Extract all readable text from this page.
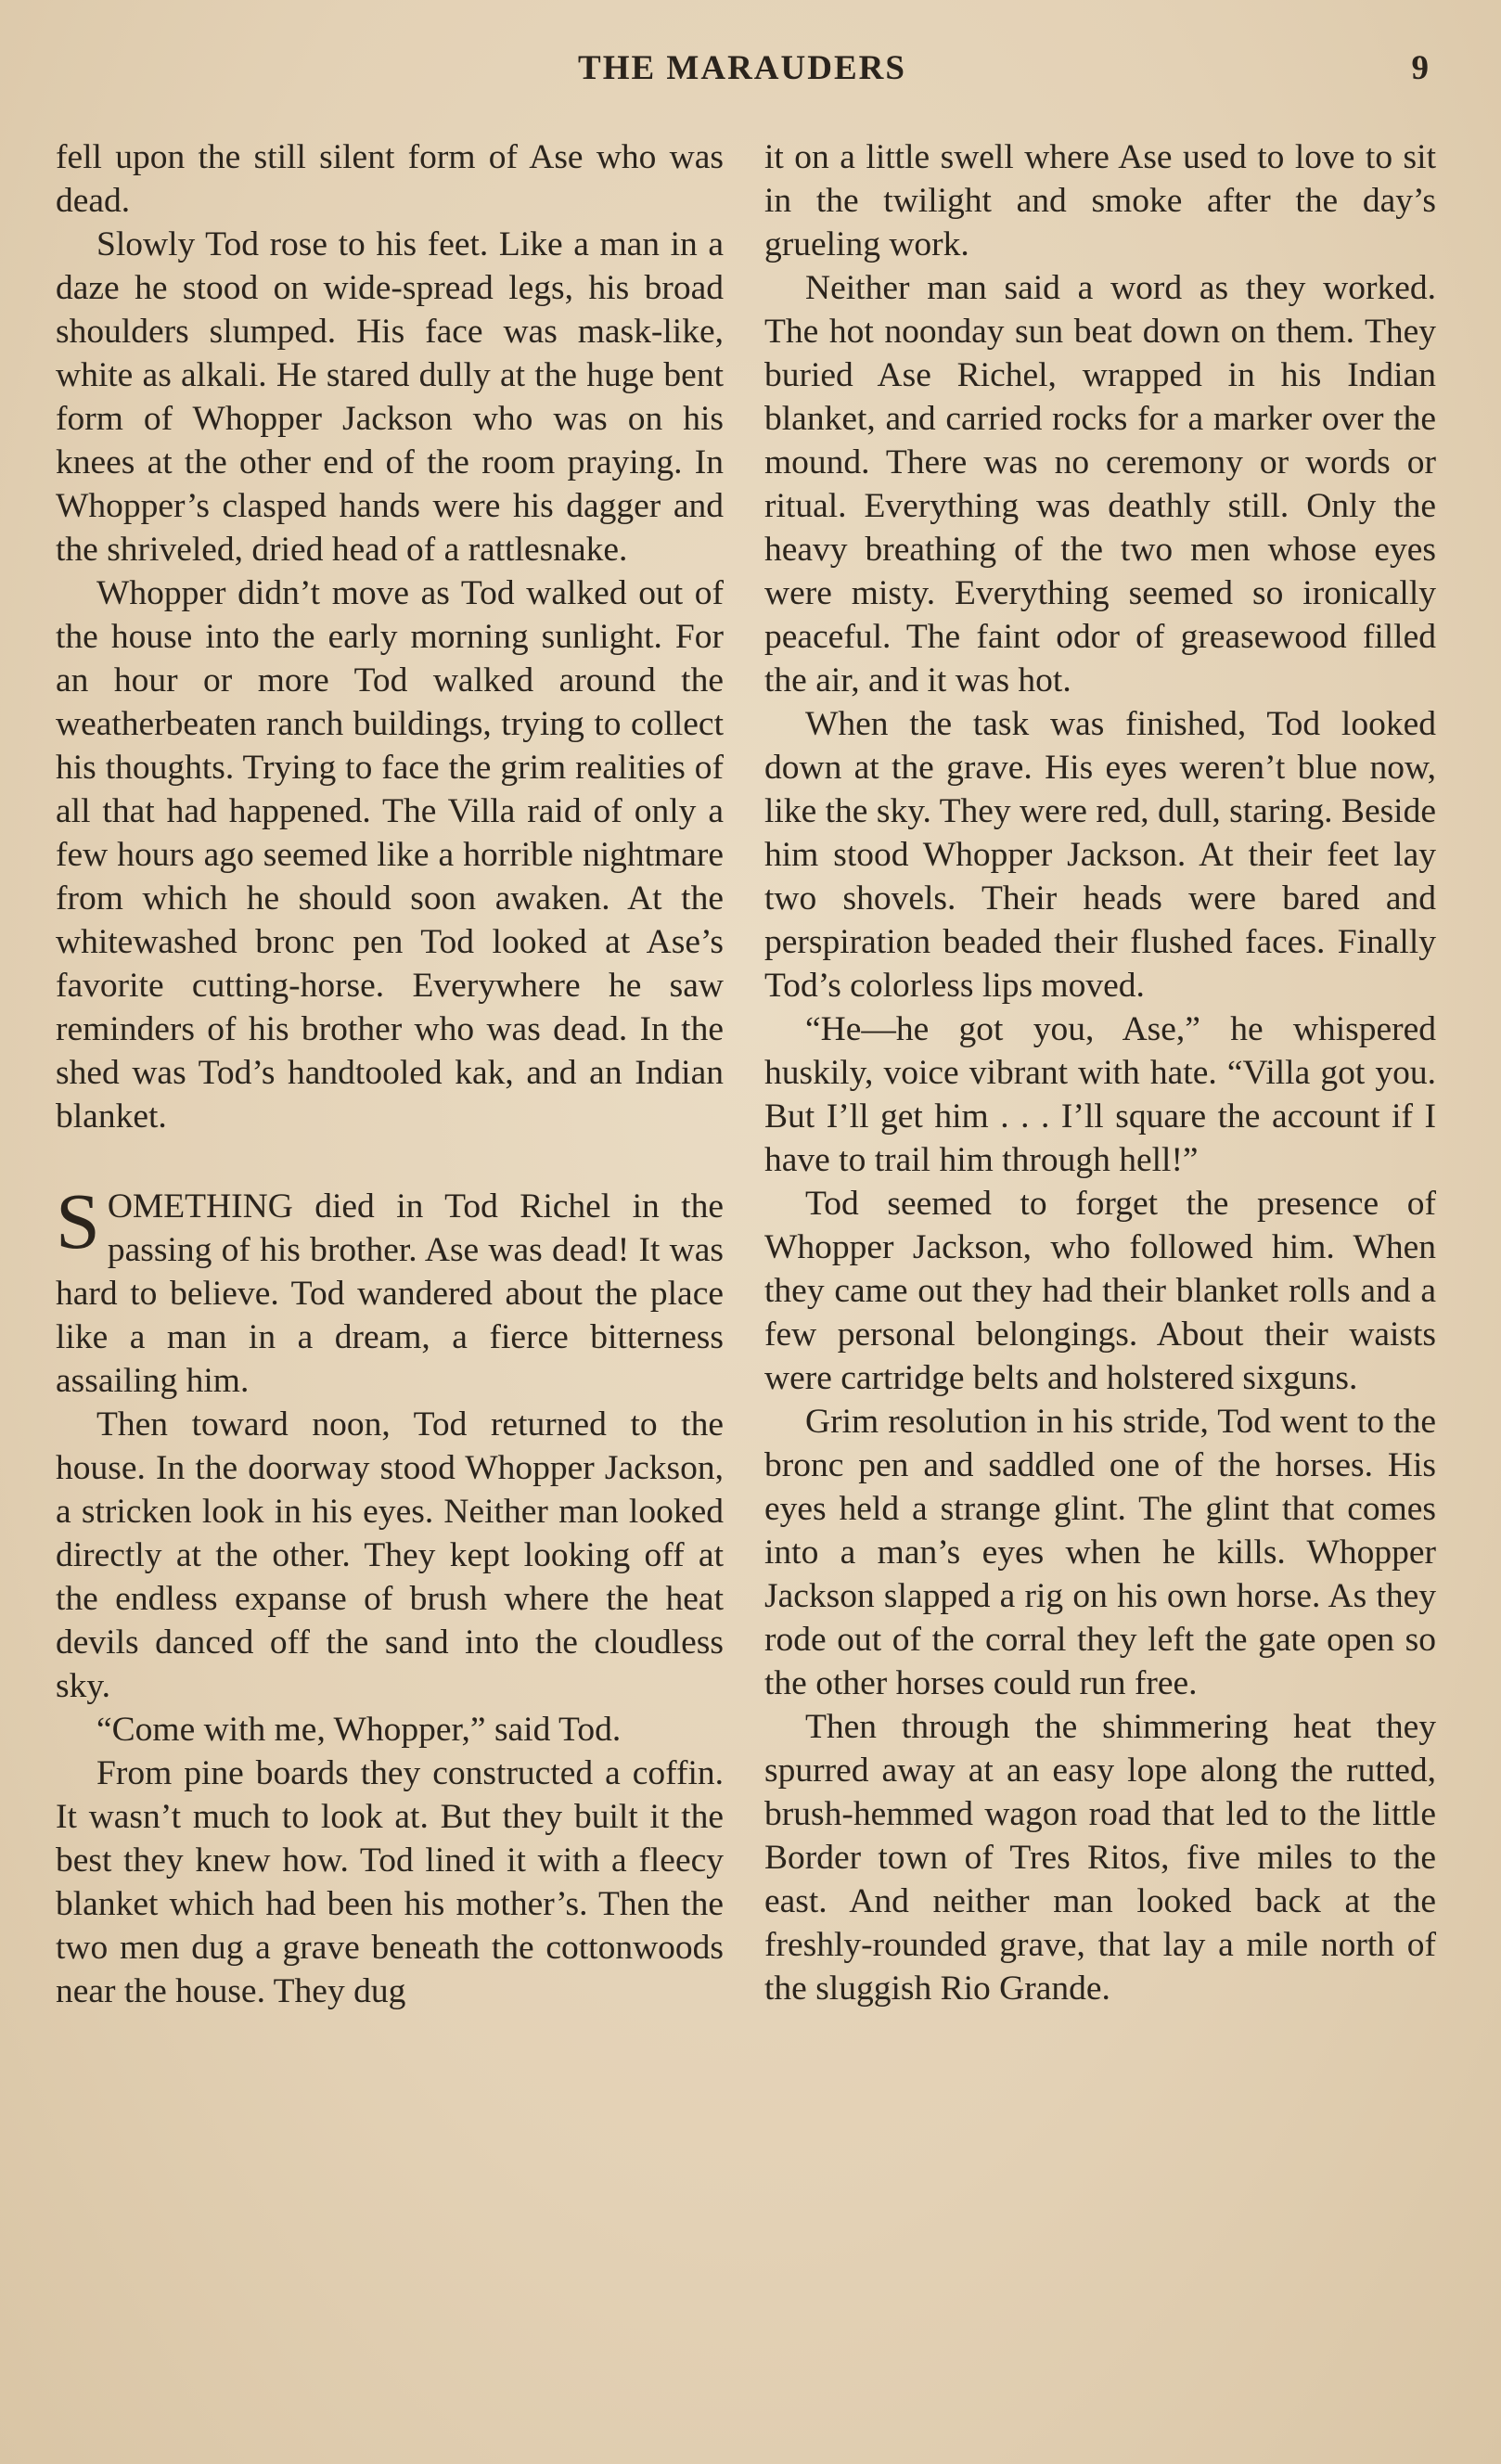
THE MARAUDERS	9

fell upon the still silent form of Ase who was dead.

Slowly Tod rose to his feet. Like a man in a daze he stood on wide-spread legs, his broad shoulders slumped. His face was mask-like, white as alkali. He stared dully at the huge bent form of Whopper Jackson who was on his knees at the other end of the room praying. In Whopper’s clasped hands were his dagger and the shriveled, dried head of a rattlesnake.

Whopper didn’t move as Tod walked out of the house into the early morning sunlight. For an hour or more Tod walked around the weatherbeaten ranch buildings, trying to collect his thoughts. Trying to face the grim realities of all that had happened. The Villa raid of only a few hours ago seemed like a horrible nightmare from which he should soon awaken. At the whitewashed bronc pen Tod looked at Ase’s favorite cutting-horse. Everywhere he saw reminders of his brother who was dead. In the shed was Tod’s handtooled kak, and an Indian blanket.

SOMETHING died in Tod Richel in the passing of his brother. Ase was dead! It was hard to believe. Tod wandered about the place like a man in a dream, a fierce bitterness assailing him.

Then toward noon, Tod returned to the house. In the doorway stood Whopper Jackson, a stricken look in his eyes. Neither man looked directly at the other. They kept looking off at the endless expanse of brush where the heat devils danced off the sand into the cloudless sky.

“Come with me, Whopper,” said Tod.

From pine boards they constructed a coffin. It wasn’t much to look at. But they built it the best they knew how. Tod lined it with a fleecy blanket which had been his mother’s. Then the two men dug a grave beneath the cottonwoods near the house. They dug

it on a little swell where Ase used to love to sit in the twilight and smoke after the day’s grueling work.

Neither man said a word as they worked. The hot noonday sun beat down on them. They buried Ase Richel, wrapped in his Indian blanket, and carried rocks for a marker over the mound. There was no ceremony or words or ritual. Everything was deathly still. Only the heavy breathing of the two men whose eyes were misty. Everything seemed so ironically peaceful. The faint odor of greasewood filled the air, and it was hot.

When the task was finished, Tod looked down at the grave. His eyes weren’t blue now, like the sky. They were red, dull, staring. Beside him stood Whopper Jackson. At their feet lay two shovels. Their heads were bared and perspiration beaded their flushed faces. Finally Tod’s colorless lips moved.

“He—he got you, Ase,” he whispered huskily, voice vibrant with hate. “Villa got you. But I’ll get him . . . I’ll square the account if I have to trail him through hell!”

Tod seemed to forget the presence of Whopper Jackson, who followed him. When they came out they had their blanket rolls and a few personal belongings. About their waists were cartridge belts and holstered sixguns.

Grim resolution in his stride, Tod went to the bronc pen and saddled one of the horses. His eyes held a strange glint. The glint that comes into a man’s eyes when he kills. Whopper Jackson slapped a rig on his own horse. As they rode out of the corral they left the gate open so the other horses could run free.

Then through the shimmering heat they spurred away at an easy lope along the rutted, brush-hemmed wagon road that led to the little Border town of Tres Ritos, five miles to the east. And neither man looked back at the freshly-rounded grave, that lay a mile north of the sluggish Rio Grande.
